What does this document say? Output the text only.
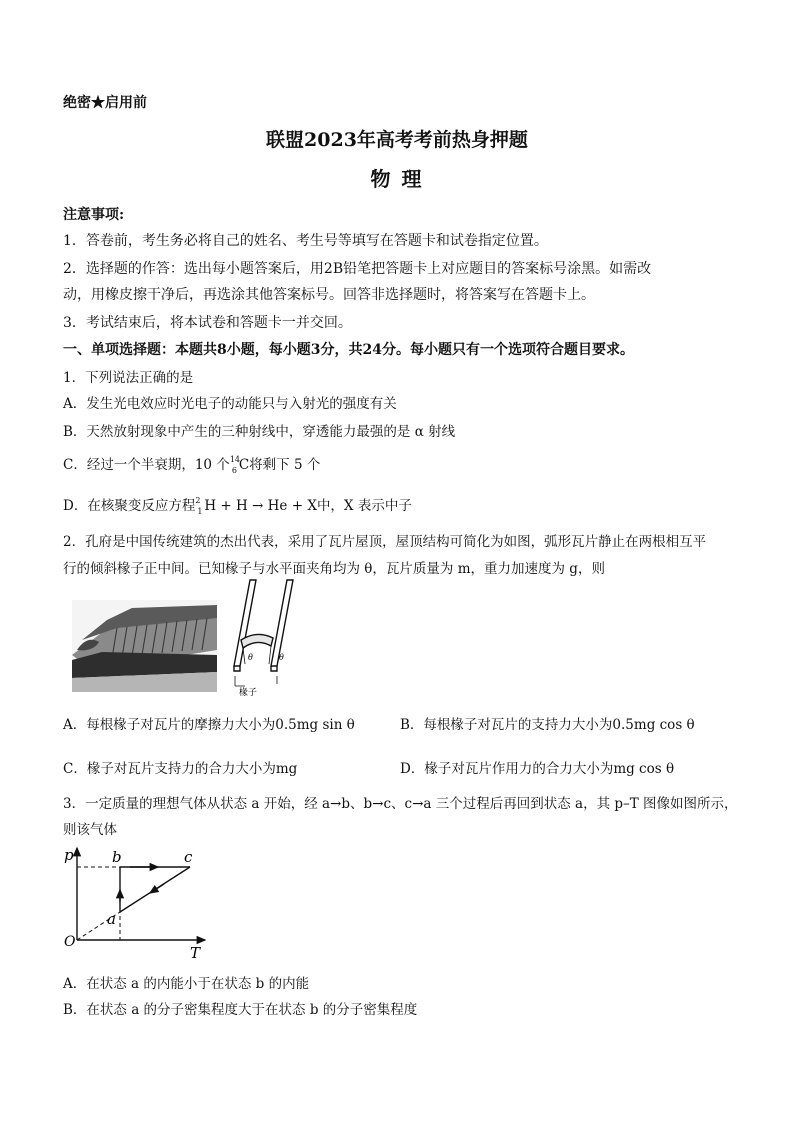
绝密★启用前
联盟2023年高考考前热身押题
物 理
注意事项:
1．答卷前，考生务必将自己的姓名、考生号等填写在答题卡和试卷指定位置。
2．选择题的作答：选出每小题答案后，用2B铅笔把答题卡上对应题目的答案标号涂黑。如需改
动，用橡皮擦干净后，再选涂其他答案标号。回答非选择题时，将答案写在答题卡上。
3．考试结束后，将本试卷和答题卡一并交回。
一、单项选择题：本题共8小题，每小题3分，共24分。每小题只有一个选项符合题目要求。
1．下列说法正确的是
A．发生光电效应时光电子的动能只与入射光的强度有关
B．天然放射现象中产生的三种射线中，穿透能力最强的是 α 射线
C．经过一个半衰期，10 个 14
6 C将剩下 5 个
D．在核聚变反应方程 2
1 H + H → He + X中，X 表示中子
2．孔府是中国传统建筑的杰出代表，采用了瓦片屋顶，屋顶结构可简化为如图，弧形瓦片静止在两根相互平
行的倾斜椽子正中间。已知椽子与水平面夹角均为 θ，瓦片质量为 m，重力加速度为 g，则
θ	θ
椽子
A．每根椽子对瓦片的摩擦力大小为0.5mg sin θ	B．每根椽子对瓦片的支持力大小为0.5mg cos θ
C．椽子对瓦片支持力的合力大小为mg	D．椽子对瓦片作用力的合力大小为mg cos θ
3．一定质量的理想气体从状态 a 开始，经 a→b、b→c、c→a 三个过程后再回到状态 a，其 p–T 图像如图所示，
则该气体
p
T
O
a
b	c
A．在状态 a 的内能小于在状态 b 的内能
B．在状态 a 的分子密集程度大于在状态 b 的分子密集程度
